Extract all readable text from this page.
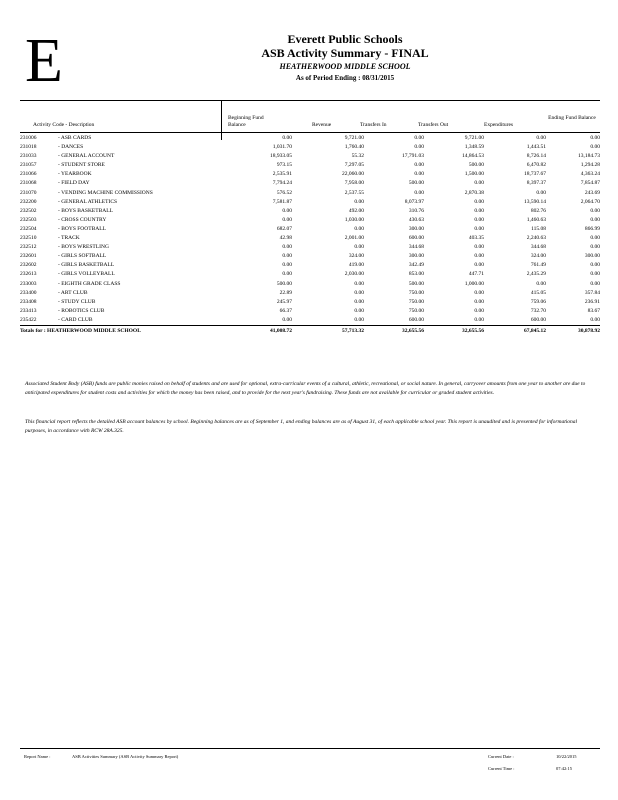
E	Everett Public Schools
ASB Activity Summary - FINAL
HEATHERWOOD MIDDLE SCHOOL
As of Period Ending : 08/31/2015
Activity Code - Description
Beginning Fund Balance	Revenue	Transfers In	Transfers Out	Expenditures
Ending Fund Balance
231006	- ASB CARDS	0.00	9,721.00	0.00	9,721.00	0.00	0.00
231018	- DANCES	1,031.70	1,760.40	0.00	1,348.59	1,443.51	0.00
231033	- GENERAL ACCOUNT	18,933.05	55.32	17,791.03	14,864.53	8,726.14	13,184.73
231057	- STUDENT STORE	973.15	7,297.05	0.00	500.00	6,470.82	1,294.28
231066	- YEARBOOK	2,535.91	22,060.00	0.00	1,500.00	18,737.67	4,363.24
231068	- FIELD DAY	7,794.24	7,958.00	500.00	0.00	8,397.37	7,854.87
231070	- VENDING MACHINE COMMISSIONS	576.52	2,537.55	0.00	2,870.38	0.00	243.69
232200	- GENERAL ATHLETICS	7,581.87	0.00	8,073.97	0.00	13,590.14	2,064.70
232502	- BOYS BASKETBALL	0.00	492.00	310.76	0.00	802.76	0.00
232503	- CROSS COUNTRY	0.00	1,030.00	430.63	0.00	1,460.63	0.00
232504	- BOYS FOOTBALL	682.07	0.00	300.00	0.00	115.08	866.99
232510	- TRACK	42.98	2,001.00	600.00	403.35	2,240.63	0.00
232512	- BOYS WRESTLING	0.00	0.00	344.68	0.00	344.68	0.00
232601	- GIRLS SOFTBALL	0.00	324.00	300.00	0.00	324.00	300.00
232602	- GIRLS BASKETBALL	0.00	419.00	342.49	0.00	761.49	0.00
232613	- GIRLS VOLLEYBALL	0.00	2,030.00	853.00	447.71	2,435.29	0.00
233003	- EIGHTH GRADE CLASS	500.00	0.00	500.00	1,000.00	0.00	0.00
233400	- ART CLUB	22.89	0.00	750.00	0.00	415.05	357.84
233408	- STUDY CLUB	245.97	0.00	750.00	0.00	759.06	236.91
233413	- ROBOTICS CLUB	66.37	0.00	750.00	0.00	732.70	83.67
235422	- CARD CLUB	0.00	0.00	600.00	0.00	600.00	0.00
Totals for : HEATHERWOOD MIDDLE SCHOOL		41,008.72	57,713.32	32,655.56	32,655.56	67,845.12	30,878.92
Associated Student Body (ASB) funds are public monies raised on behalf of students and are used for optional, extra-curricular events of a cultural, athletic, recreational, or social nature. In general, carryover amounts from one year to another are due to anticipated expenditures for student costs and activities for which the money has been raised, and to provide for the next year's fundraising. These funds are not available for curricular or graded student activities.
This financial report reflects the detailed ASB account balances by school. Beginning balances are as of September 1, and ending balances are as of August 31, of each applicable school year. This report is unaudited and is presented for informational purposes, in accordance with RCW 28A.325.
Report Name :	ASB Activities Summary (ASB Activity Summary Report)	Current Date :	10/22/2015
Current Time :	07:42:15
